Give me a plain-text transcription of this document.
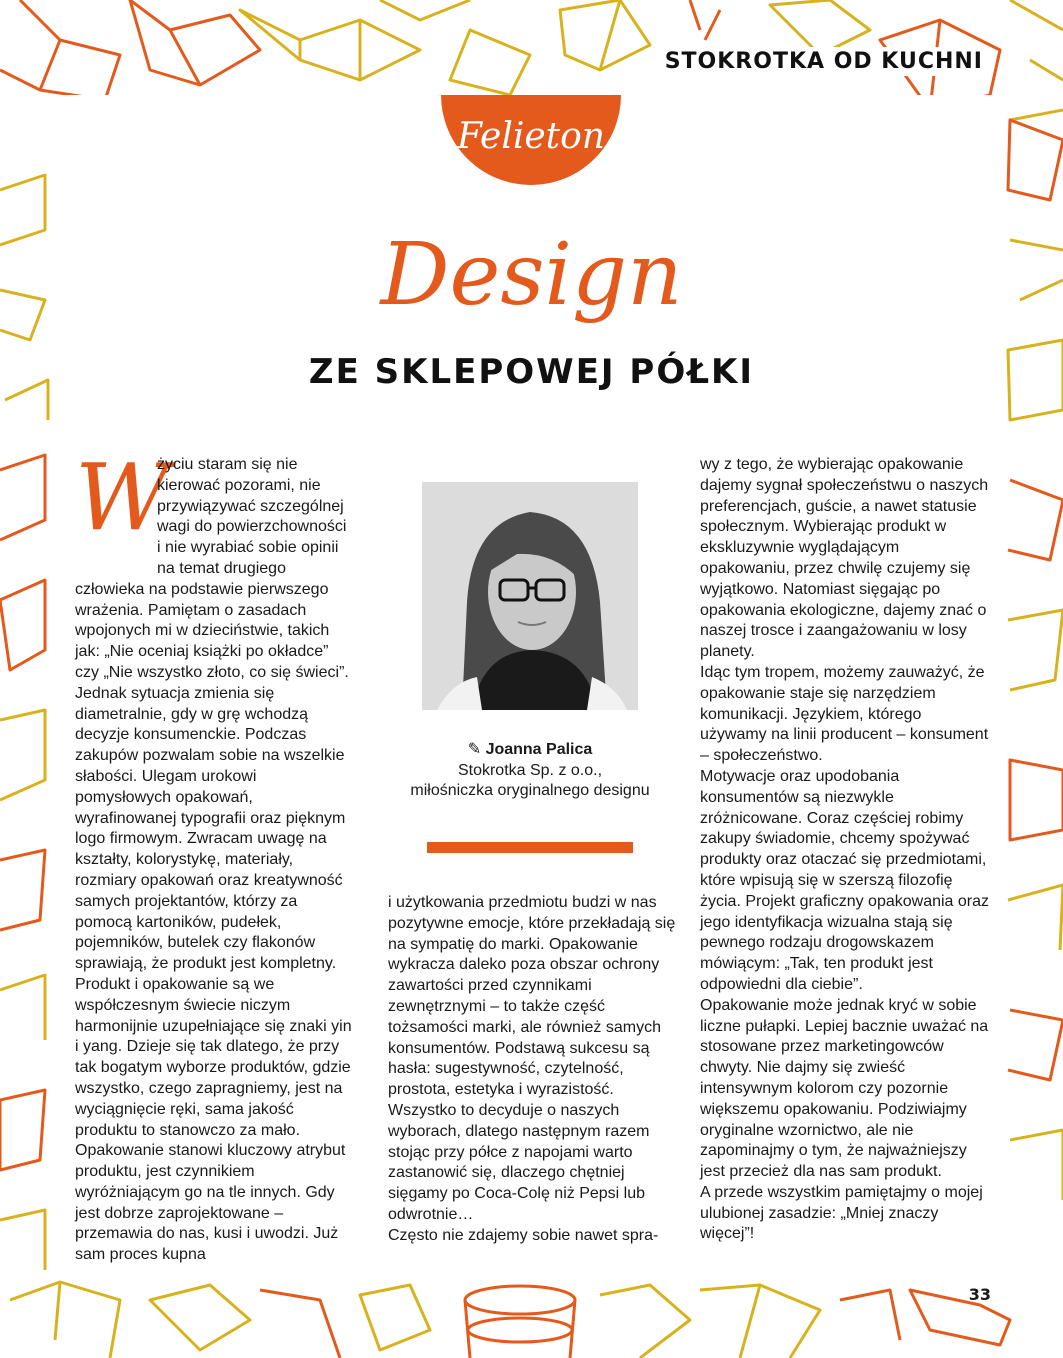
STOKROTKA OD KUCHNI
Felieton
Design
ZE SKLEPOWEJ PÓŁKI
W

życiu staram się nie kierować pozorami, nie przywiązywać szczególnej wagi do powierzchowności i nie wyrabiać sobie opinii na temat drugiego człowieka na podstawie pierwszego wrażenia. Pamiętam o zasadach wpojonych mi w dzieciństwie, takich jak: „Nie oceniaj książki po okładce” czy „Nie wszystko złoto, co się świeci”. Jednak sytuacja zmienia się diametralnie, gdy w grę wchodzą decyzje konsumenckie. Podczas zakupów pozwalam sobie na wszelkie słabości. Ulegam urokowi pomysłowych opakowań, wyrafinowanej typografii oraz pięknym logo firmowym. Zwracam uwagę na kształty, kolorystykę, materiały, rozmiary opakowań oraz kreatywność samych projektantów, którzy za pomocą kartoników, pudełek, pojemników, butelek czy flakonów sprawiają, że produkt jest kompletny.

Produkt i opakowanie są we współczesnym świecie niczym harmonijnie uzupełniające się znaki yin i yang. Dzieje się tak dlatego, że przy tak bogatym wyborze produktów, gdzie wszystko, czego zapragniemy, jest na wyciągnięcie ręki, sama jakość produktu to stanowczo za mało. Opakowanie stanowi kluczowy atrybut produktu, jest czynnikiem wyróżniającym go na tle innych. Gdy jest dobrze zaprojektowane – przemawia do nas, kusi i uwodzi. Już sam proces kupna

✎ Joanna Palica
Stokrotka Sp. z o.o.,
miłośniczka oryginalnego designu

i użytkowania przedmiotu budzi w nas pozytywne emocje, które przekładają się na sympatię do marki. Opakowanie wykracza daleko poza obszar ochrony zawartości przed czynnikami zewnętrznymi – to także część tożsamości marki, ale również samych konsumentów. Podstawą sukcesu są hasła: sugestywność, czytelność, prostota, estetyka i wyrazistość. Wszystko to decyduje o naszych wyborach, dlatego następnym razem stojąc przy półce z napojami warto zastanowić się, dlaczego chętniej sięgamy po Coca-Colę niż Pepsi lub odwrotnie…

Często nie zdajemy sobie nawet spra-

wy z tego, że wybierając opakowanie dajemy sygnał społeczeństwu o naszych preferencjach, guście, a nawet statusie społecznym. Wybierając produkt w ekskluzywnie wyglądającym opakowaniu, przez chwilę czujemy się wyjątkowo. Natomiast sięgając po opakowania ekologiczne, dajemy znać o naszej trosce i zaangażowaniu w losy planety.

Idąc tym tropem, możemy zauważyć, że opakowanie staje się narzędziem komunikacji. Językiem, którego używamy na linii producent – konsument – społeczeństwo.

Motywacje oraz upodobania konsumentów są niezwykle zróżnicowane. Coraz częściej robimy zakupy świadomie, chcemy spożywać produkty oraz otaczać się przedmiotami, które wpisują się w szerszą filozofię życia. Projekt graficzny opakowania oraz jego identyfikacja wizualna stają się pewnego rodzaju drogowskazem mówiącym: „Tak, ten produkt jest odpowiedni dla ciebie”.

Opakowanie może jednak kryć w sobie liczne pułapki. Lepiej bacznie uważać na stosowane przez marketingowców chwyty. Nie dajmy się zwieść intensywnym kolorom czy pozornie większemu opakowaniu. Podziwiajmy oryginalne wzornictwo, ale nie zapominajmy o tym, że najważniejszy jest przecież dla nas sam produkt.

A przede wszystkim pamiętajmy o mojej ulubionej zasadzie: „Mniej znaczy więcej”!

33
